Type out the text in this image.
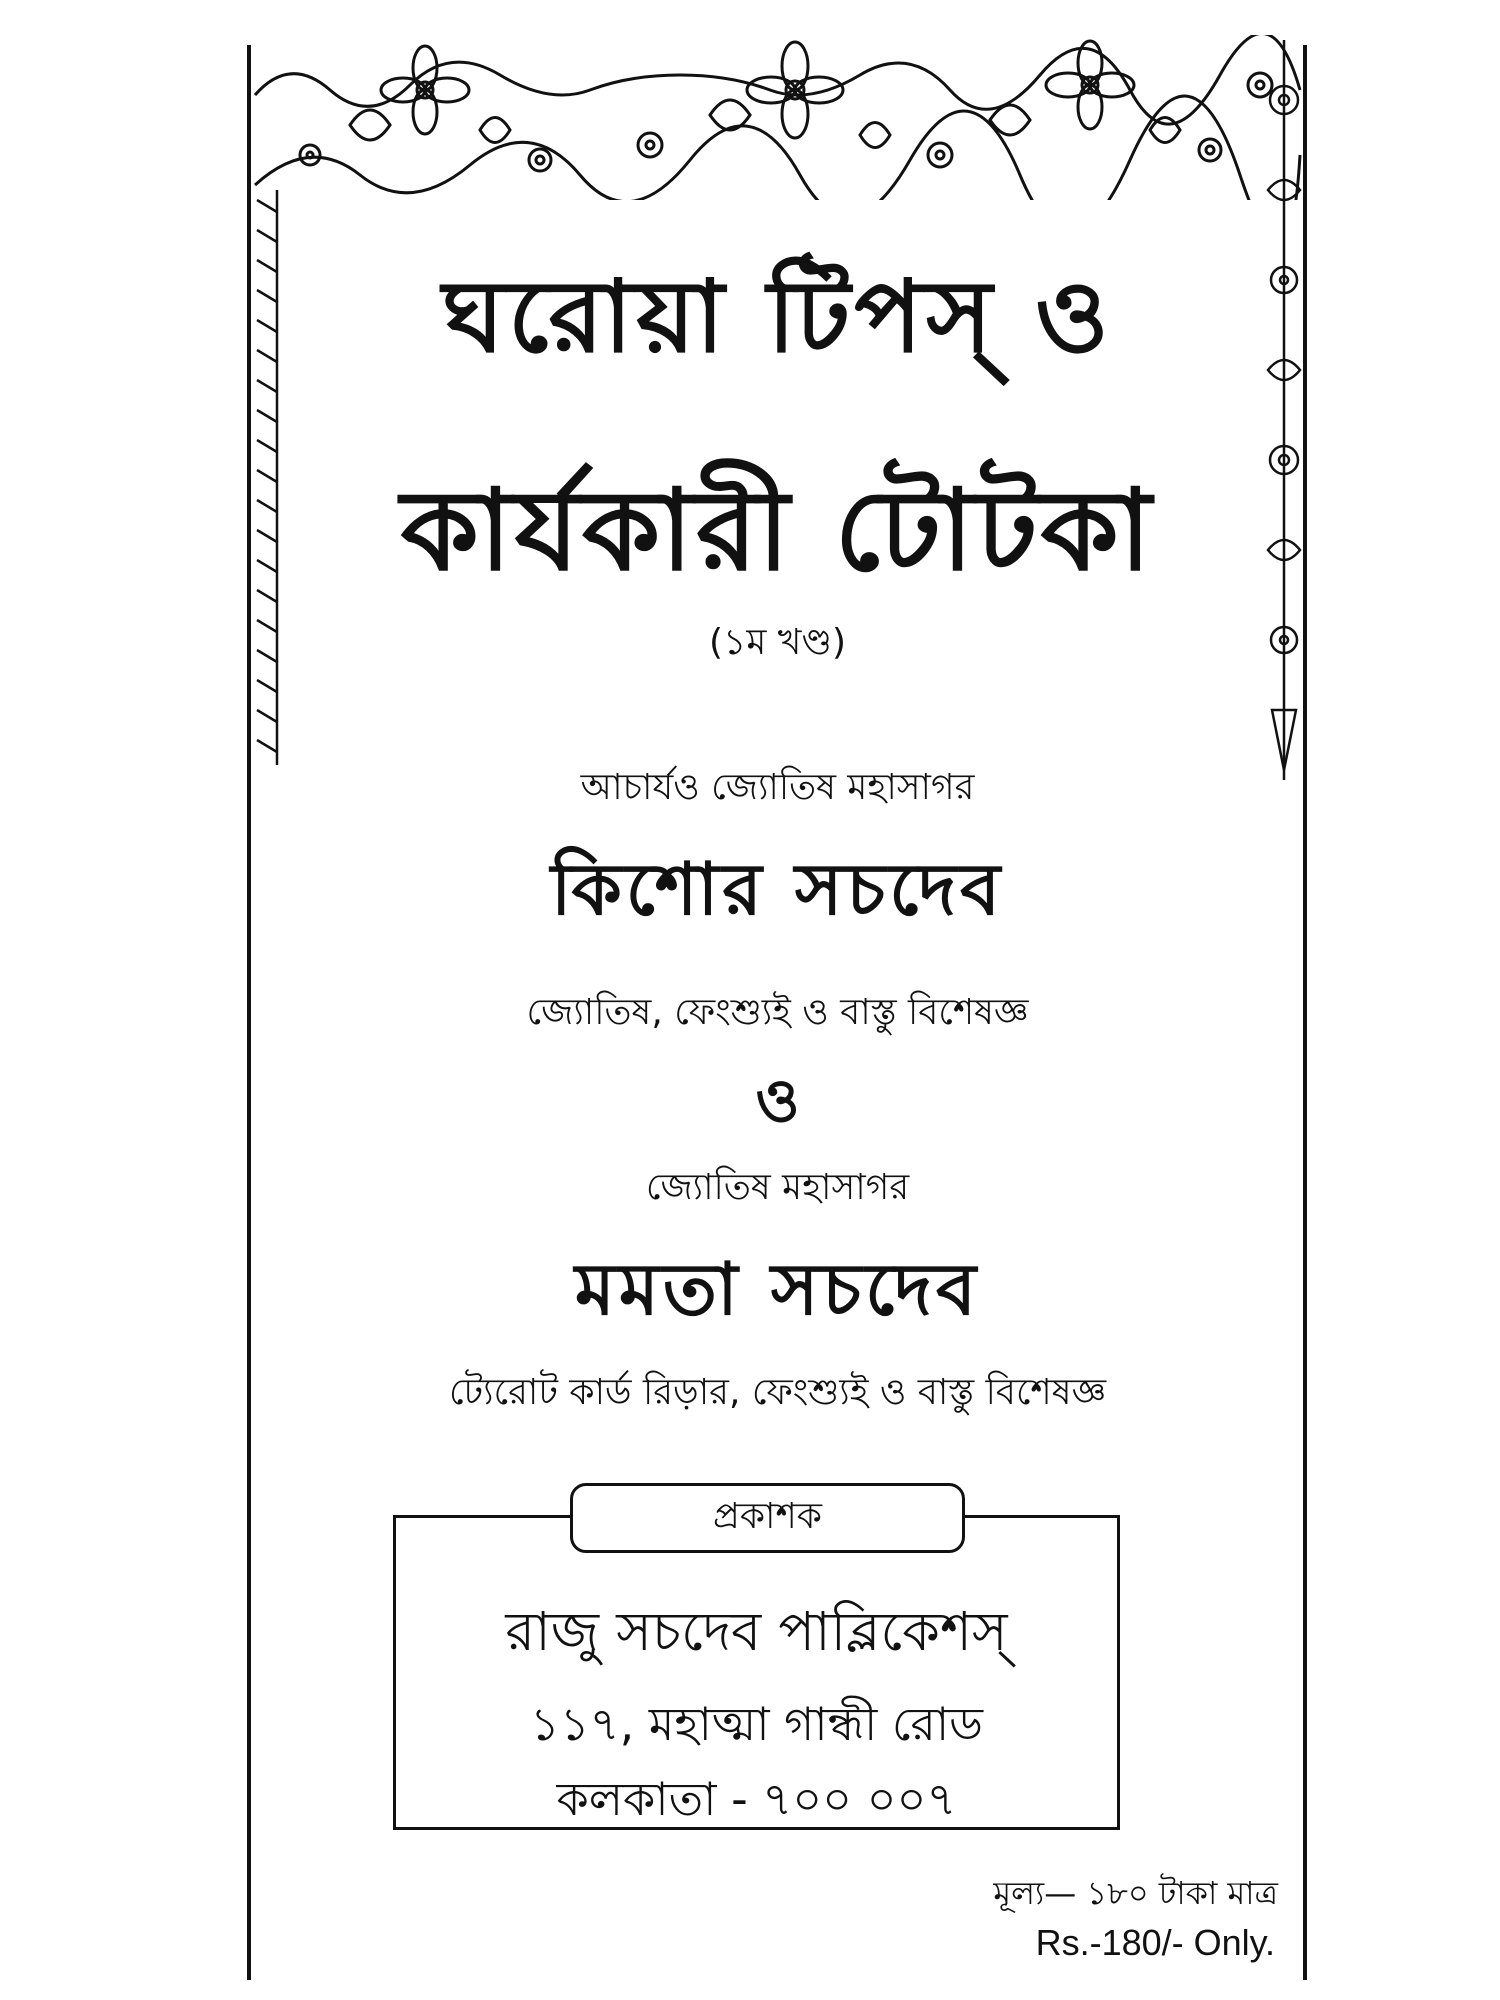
ঘরোয়া টিপস্ ও
কার্যকারী টোটকা
(১ম খণ্ড)
আচার্যও জ্যোতিষ মহাসাগর
কিশোর সচদেব
জ্যোতিষ, ফেংশ্যুই ও বাস্তু বিশেষজ্ঞ
ও
জ্যোতিষ মহাসাগর
মমতা সচদেব
ট্যেরোট কার্ড রিড়ার, ফেংশ্যুই ও বাস্তু বিশেষজ্ঞ
প্রকাশক
রাজু সচদেব পাব্লিকেশস্
১১৭, মহাত্মা গান্ধী রোড
কলকাতা - ৭০০ ০০৭
মূল্য— ১৮০ টাকা মাত্র
Rs.-180/- Only.
